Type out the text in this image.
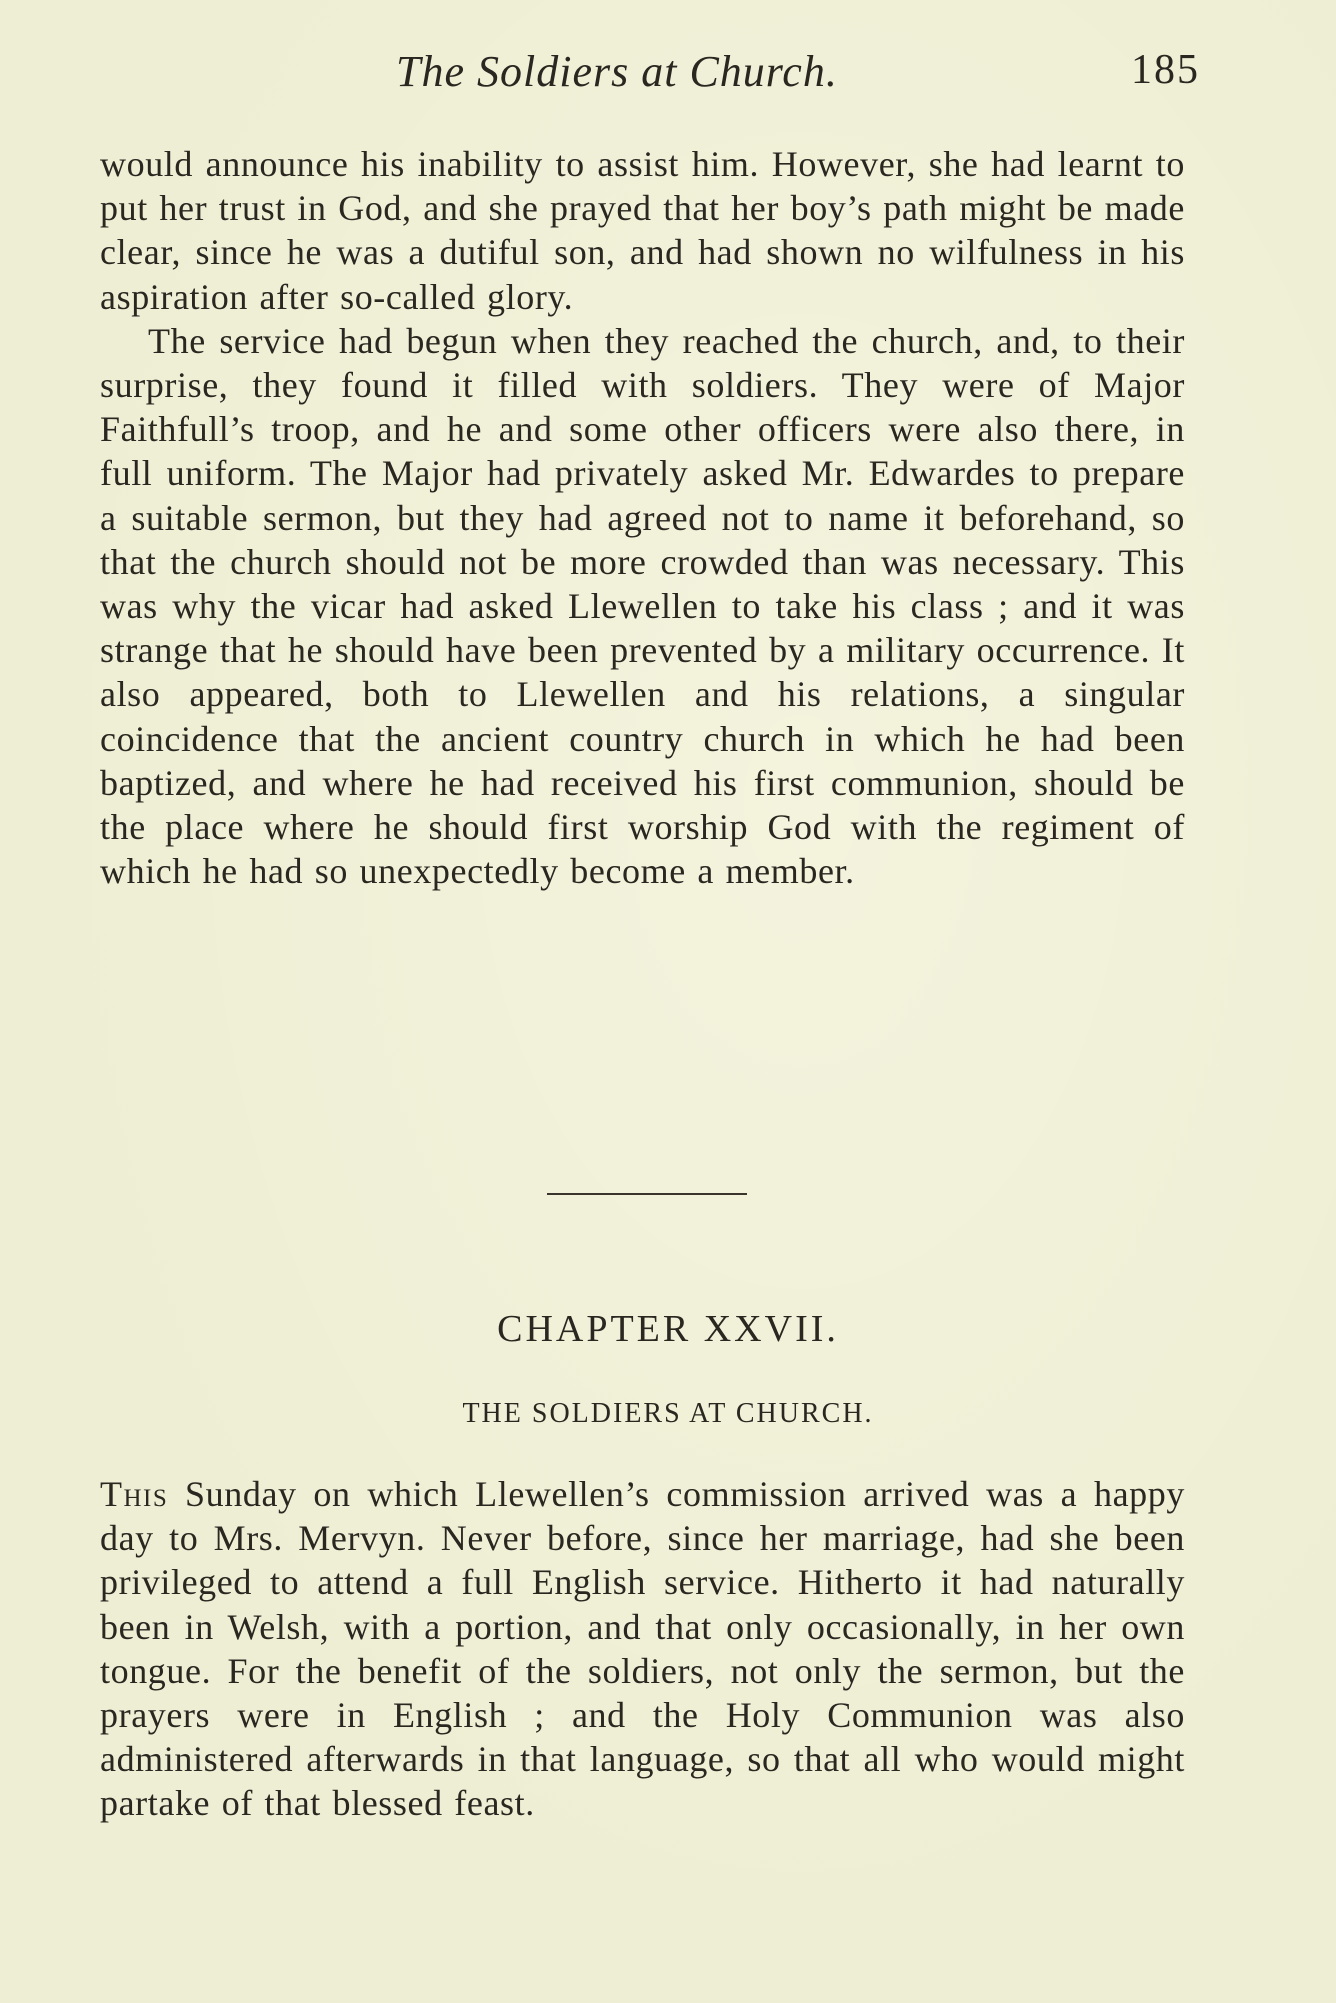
The Soldiers at Church.	185

would announce his inability to assist him. However, she had learnt to put her trust in God, and she prayed that her boy’s path might be made clear, since he was a dutiful son, and had shown no wilfulness in his aspiration after so-called glory.

The service had begun when they reached the church, and, to their surprise, they found it filled with soldiers. They were of Major Faithfull’s troop, and he and some other officers were also there, in full uniform. The Major had privately asked Mr. Edwardes to prepare a suitable sermon, but they had agreed not to name it beforehand, so that the church should not be more crowded than was necessary. This was why the vicar had asked Llewellen to take his class ; and it was strange that he should have been prevented by a military occurrence. It also appeared, both to Llewellen and his relations, a singular coincidence that the ancient country church in which he had been baptized, and where he had received his first communion, should be the place where he should first worship God with the regiment of which he had so unexpectedly become a member.

CHAPTER XXVII.
THE SOLDIERS AT CHURCH.

This Sunday on which Llewellen’s commission arrived was a happy day to Mrs. Mervyn. Never before, since her marriage, had she been privileged to attend a full English service. Hitherto it had naturally been in Welsh, with a portion, and that only occasionally, in her own tongue. For the benefit of the soldiers, not only the sermon, but the prayers were in English ; and the Holy Communion was also administered afterwards in that language, so that all who would might partake of that blessed feast.
